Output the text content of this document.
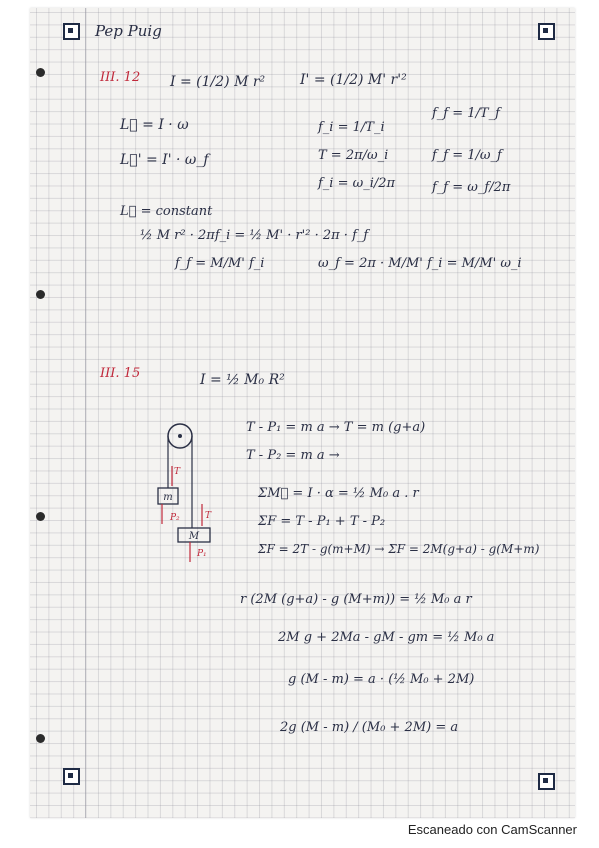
Pep Puig
III. 12 I = (1/2) M r² I' = (1/2) M' r'²
L⃗ = I · ω
L⃗' = I' · ω_f
L⃗ = constant
f_i = 1/T_i
T = 2π/ω_i
f_i = ω_i/2π
f_f = 1/T_f
f_f = 1/ω_f
f_f = ω_f/2π
½ M r² · 2πf_i = ½ M' · r'² · 2π · f_f
f_f = M/M' f_i	ω_f = 2π · M/M' f_i = M/M' ω_i
III. 15	I = ½ M₀ R²
T - P₁ = m a → T = m (g+a)
T - P₂ = m a →
ΣM⃗ = I · α = ½ M₀ a . r
ΣF = T - P₁ + T - P₂
ΣF = 2T - g(m+M) → ΣF = 2M(g+a) - g(M+m)
r (2M (g+a) - g (M+m)) = ½ M₀ a r
2M g + 2Ma - gM - gm = ½ M₀ a
g (M - m) = a · (½ M₀ + 2M)
2g (M - m) / (M₀ + 2M) = a
m
M
T
P₂	T
P₁
Escaneado con CamScanner
